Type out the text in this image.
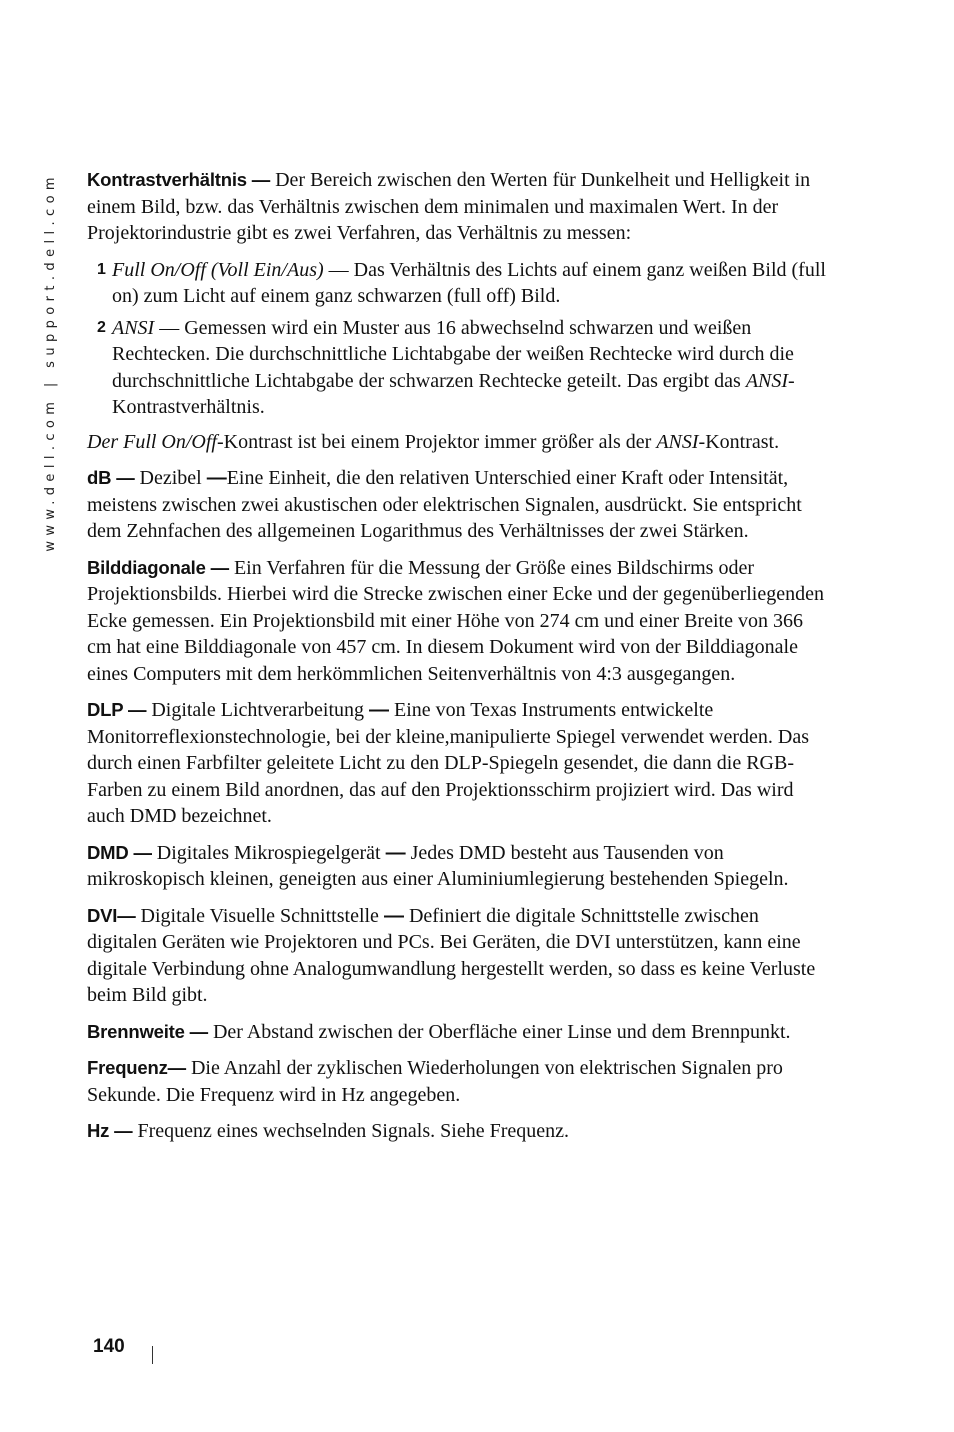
www.dell.com | support.dell.com Kontrastverhältnis — Der Bereich zwischen den Werten für Dunkelheit und Helligkeit in einem Bild, bzw. das Verhältnis zwischen dem minimalen und maximalen Wert. In der Projektorindustrie gibt es zwei Verfahren, das Verhältnis zu messen:

1 Full On/Off (Voll Ein/Aus) — Das Verhältnis des Lichts auf einem ganz weißen Bild (full on) zum Licht auf einem ganz schwarzen (full off) Bild.
2 ANSI — Gemessen wird ein Muster aus 16 abwechselnd schwarzen und weißen Rechtecken. Die durchschnittliche Lichtabgabe der weißen Rechtecke wird durch die durchschnittliche Lichtabgabe der schwarzen Rechtecke geteilt. Das ergibt das ANSI-Kontrastverhältnis.

Der Full On/Off-Kontrast ist bei einem Projektor immer größer als der ANSI-Kontrast.

dB — Dezibel —Eine Einheit, die den relativen Unterschied einer Kraft oder Intensität, meistens zwischen zwei akustischen oder elektrischen Signalen, ausdrückt. Sie entspricht dem Zehnfachen des allgemeinen Logarithmus des Verhältnisses der zwei Stärken.

Bilddiagonale — Ein Verfahren für die Messung der Größe eines Bildschirms oder Projektionsbilds. Hierbei wird die Strecke zwischen einer Ecke und der gegenüberliegenden Ecke gemessen. Ein Projektionsbild mit einer Höhe von 274 cm und einer Breite von 366 cm hat eine Bilddiagonale von 457 cm. In diesem Dokument wird von der Bilddiagonale eines Computers mit dem herkömmlichen Seitenverhältnis von 4:3 ausgegangen.

DLP — Digitale Lichtverarbeitung — Eine von Texas Instruments entwickelte Monitorreflexionstechnologie, bei der kleine,manipulierte Spiegel verwendet werden. Das durch einen Farbfilter geleitete Licht zu den DLP-Spiegeln gesendet, die dann die RGB-Farben zu einem Bild anordnen, das auf den Projektionsschirm projiziert wird. Das wird auch DMD bezeichnet.

DMD — Digitales Mikrospiegelgerät — Jedes DMD besteht aus Tausenden von mikroskopisch kleinen, geneigten aus einer Aluminiumlegierung bestehenden Spiegeln.

DVI— Digitale Visuelle Schnittstelle — Definiert die digitale Schnittstelle zwischen digitalen Geräten wie Projektoren und PCs. Bei Geräten, die DVI unterstützen, kann eine digitale Verbindung ohne Analogumwandlung hergestellt werden, so dass es keine Verluste beim Bild gibt.

Brennweite — Der Abstand zwischen der Oberfläche einer Linse und dem Brennpunkt.

Frequenz— Die Anzahl der zyklischen Wiederholungen von elektrischen Signalen pro Sekunde. Die Frequenz wird in Hz angegeben.

Hz — Frequenz eines wechselnden Signals. Siehe Frequenz.

140
